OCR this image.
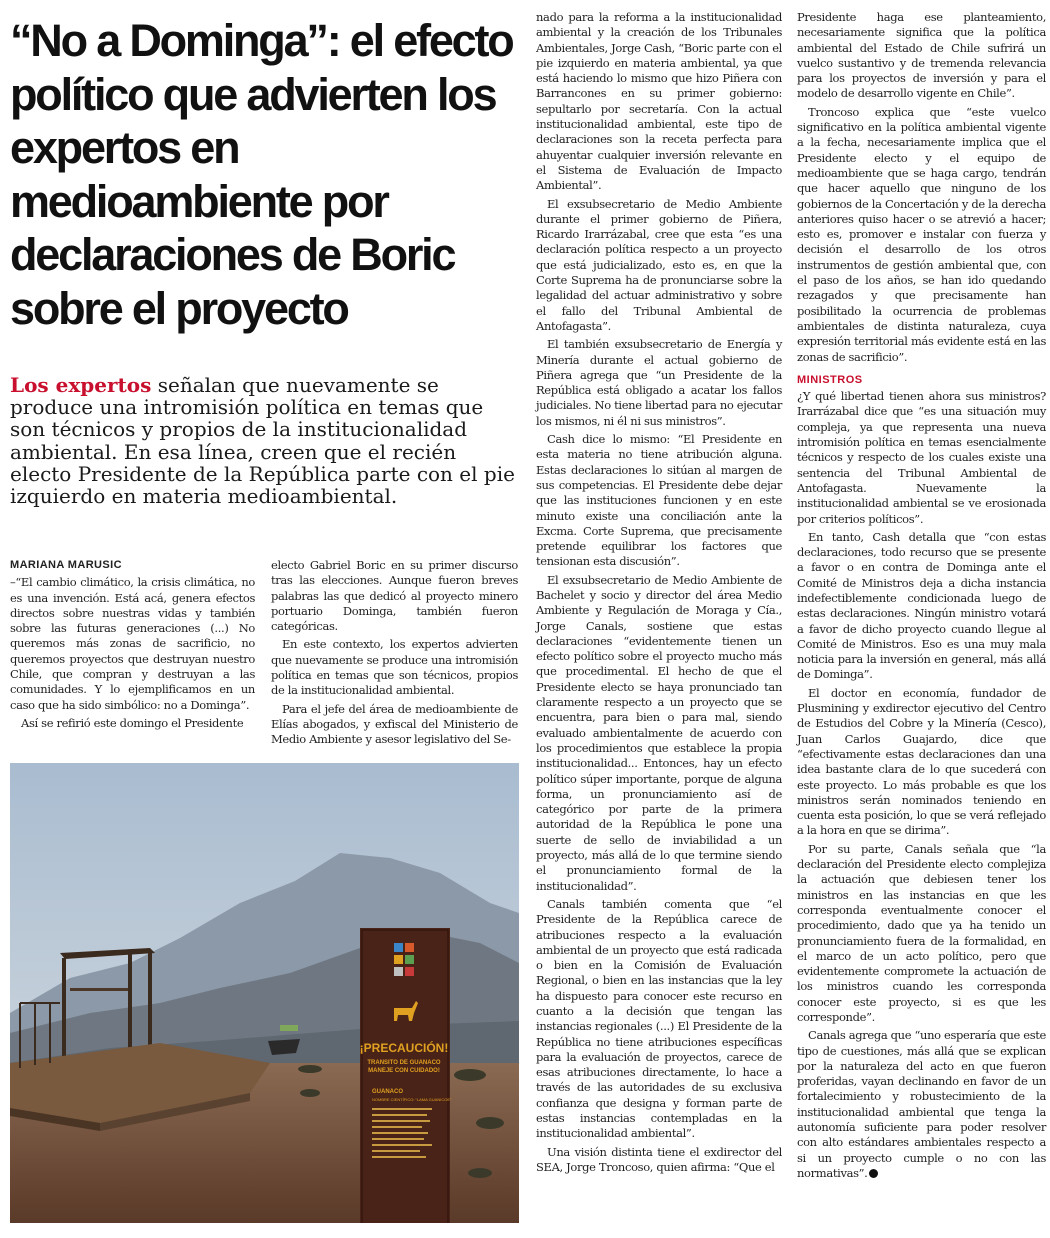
“No a Dominga”: el efecto político que advierten los expertos en medioambiente por declaraciones de Boric sobre el proyecto

Los expertos señalan que nuevamente se produce una intromisión política en temas que son técnicos y propios de la institucionalidad ambiental. En esa línea, creen que el recién electo Presidente de la República parte con el pie izquierdo en materia medioambiental.

MARIANA MARUSIC

–“El cambio climático, la crisis climática, no es una invención. Está acá, genera efectos directos sobre nuestras vidas y también sobre las futuras generaciones (...) No queremos más zonas de sacrificio, no queremos proyectos que destruyan nuestro Chile, que compran y destruyan a las comunidades. Y lo ejemplificamos en un caso que ha sido simbólico: no a Dominga”.

Así se refirió este domingo el Presidente

electo Gabriel Boric en su primer discurso tras las elecciones. Aunque fueron breves palabras las que dedicó al proyecto minero portuario Dominga, también fueron categóricas.

En este contexto, los expertos advierten que nuevamente se produce una intromisión política en temas que son técnicos, propios de la institucionalidad ambiental.

Para el jefe del área de medioambiente de Elías abogados, y exfiscal del Ministerio de Medio Ambiente y asesor legislativo del Se-

¡PRECAUCIÓN!
TRANSITO DE GUANACO
MANEJE CON CUIDADO!
GUANACO
NOMBRE CIENTÍFICO: “LAMA GUANICOE”

nado para la reforma a la institucionalidad ambiental y la creación de los Tribunales Ambientales, Jorge Cash, “Boric parte con el pie izquierdo en materia ambiental, ya que está haciendo lo mismo que hizo Piñera con Barrancones en su primer gobierno: sepultarlo por secretaría. Con la actual institucionalidad ambiental, este tipo de declaraciones son la receta perfecta para ahuyentar cualquier inversión relevante en el Sistema de Evaluación de Impacto Ambiental”.

El exsubsecretario de Medio Ambiente durante el primer gobierno de Piñera, Ricardo Irarrázabal, cree que esta “es una declaración política respecto a un proyecto que está judicializado, esto es, en que la Corte Suprema ha de pronunciarse sobre la legalidad del actuar administrativo y sobre el fallo del Tribunal Ambiental de Antofagasta”.

El también exsubsecretario de Energía y Minería durante el actual gobierno de Piñera agrega que “un Presidente de la República está obligado a acatar los fallos judiciales. No tiene libertad para no ejecutar los mismos, ni él ni sus ministros”.

Cash dice lo mismo: “El Presidente en esta materia no tiene atribución alguna. Estas declaraciones lo sitúan al margen de sus competencias. El Presidente debe dejar que las instituciones funcionen y en este minuto existe una conciliación ante la Excma. Corte Suprema, que precisamente pretende equilibrar los factores que tensionan esta discusión”.

El exsubsecretario de Medio Ambiente de Bachelet y socio y director del área Medio Ambiente y Regulación de Moraga y Cía., Jorge Canals, sostiene que estas declaraciones “evidentemente tienen un efecto político sobre el proyecto mucho más que procedimental. El hecho de que el Presidente electo se haya pronunciado tan claramente respecto a un proyecto que se encuentra, para bien o para mal, siendo evaluado ambientalmente de acuerdo con los procedimientos que establece la propia institucionalidad... Entonces, hay un efecto político súper importante, porque de alguna forma, un pronunciamiento así de categórico por parte de la primera autoridad de la República le pone una suerte de sello de inviabilidad a un proyecto, más allá de lo que termine siendo el pronunciamiento formal de la institucionalidad”.

Canals también comenta que “el Presidente de la República carece de atribuciones respecto a la evaluación ambiental de un proyecto que está radicada o bien en la Comisión de Evaluación Regional, o bien en las instancias que la ley ha dispuesto para conocer este recurso en cuanto a la decisión que tengan las instancias regionales (...) El Presidente de la República no tiene atribuciones específicas para la evaluación de proyectos, carece de esas atribuciones directamente, lo hace a través de las autoridades de su exclusiva confianza que designa y forman parte de estas instancias contempladas en la institucionalidad ambiental”.

Una visión distinta tiene el exdirector del SEA, Jorge Troncoso, quien afirma: “Que el

Presidente haga ese planteamiento, necesariamente significa que la política ambiental del Estado de Chile sufrirá un vuelco sustantivo y de tremenda relevancia para los proyectos de inversión y para el modelo de desarrollo vigente en Chile”.

Troncoso explica que “este vuelco significativo en la política ambiental vigente a la fecha, necesariamente implica que el Presidente electo y el equipo de medioambiente que se haga cargo, tendrán que hacer aquello que ninguno de los gobiernos de la Concertación y de la derecha anteriores quiso hacer o se atrevió a hacer; esto es, promover e instalar con fuerza y decisión el desarrollo de los otros instrumentos de gestión ambiental que, con el paso de los años, se han ido quedando rezagados y que precisamente han posibilitado la ocurrencia de problemas ambientales de distinta naturaleza, cuya expresión territorial más evidente está en las zonas de sacrificio”.

MINISTROS

¿Y qué libertad tienen ahora sus ministros? Irarrázabal dice que “es una situación muy compleja, ya que representa una nueva intromisión política en temas esencialmente técnicos y respecto de los cuales existe una sentencia del Tribunal Ambiental de Antofagasta. Nuevamente la institucionalidad ambiental se ve erosionada por criterios políticos”.

En tanto, Cash detalla que “con estas declaraciones, todo recurso que se presente a favor o en contra de Dominga ante el Comité de Ministros deja a dicha instancia indefectiblemente condicionada luego de estas declaraciones. Ningún ministro votará a favor de dicho proyecto cuando llegue al Comité de Ministros. Eso es una muy mala noticia para la inversión en general, más allá de Dominga”.

El doctor en economía, fundador de Plusmining y exdirector ejecutivo del Centro de Estudios del Cobre y la Minería (Cesco), Juan Carlos Guajardo, dice que “efectivamente estas declaraciones dan una idea bastante clara de lo que sucederá con este proyecto. Lo más probable es que los ministros serán nominados teniendo en cuenta esta posición, lo que se verá reflejado a la hora en que se dirima”.

Por su parte, Canals señala que “la declaración del Presidente electo complejiza la actuación que debiesen tener los ministros en las instancias en que les corresponda eventualmente conocer el procedimiento, dado que ya ha tenido un pronunciamiento fuera de la formalidad, en el marco de un acto político, pero que evidentemente compromete la actuación de los ministros cuando les corresponda conocer este proyecto, si es que les corresponde”.

Canals agrega que “uno esperaría que este tipo de cuestiones, más allá que se explican por la naturaleza del acto en que fueron proferidas, vayan declinando en favor de un fortalecimiento y robustecimiento de la institucionalidad ambiental que tenga la autonomía suficiente para poder resolver con alto estándares ambientales respecto a si un proyecto cumple o no con las normativas”.
